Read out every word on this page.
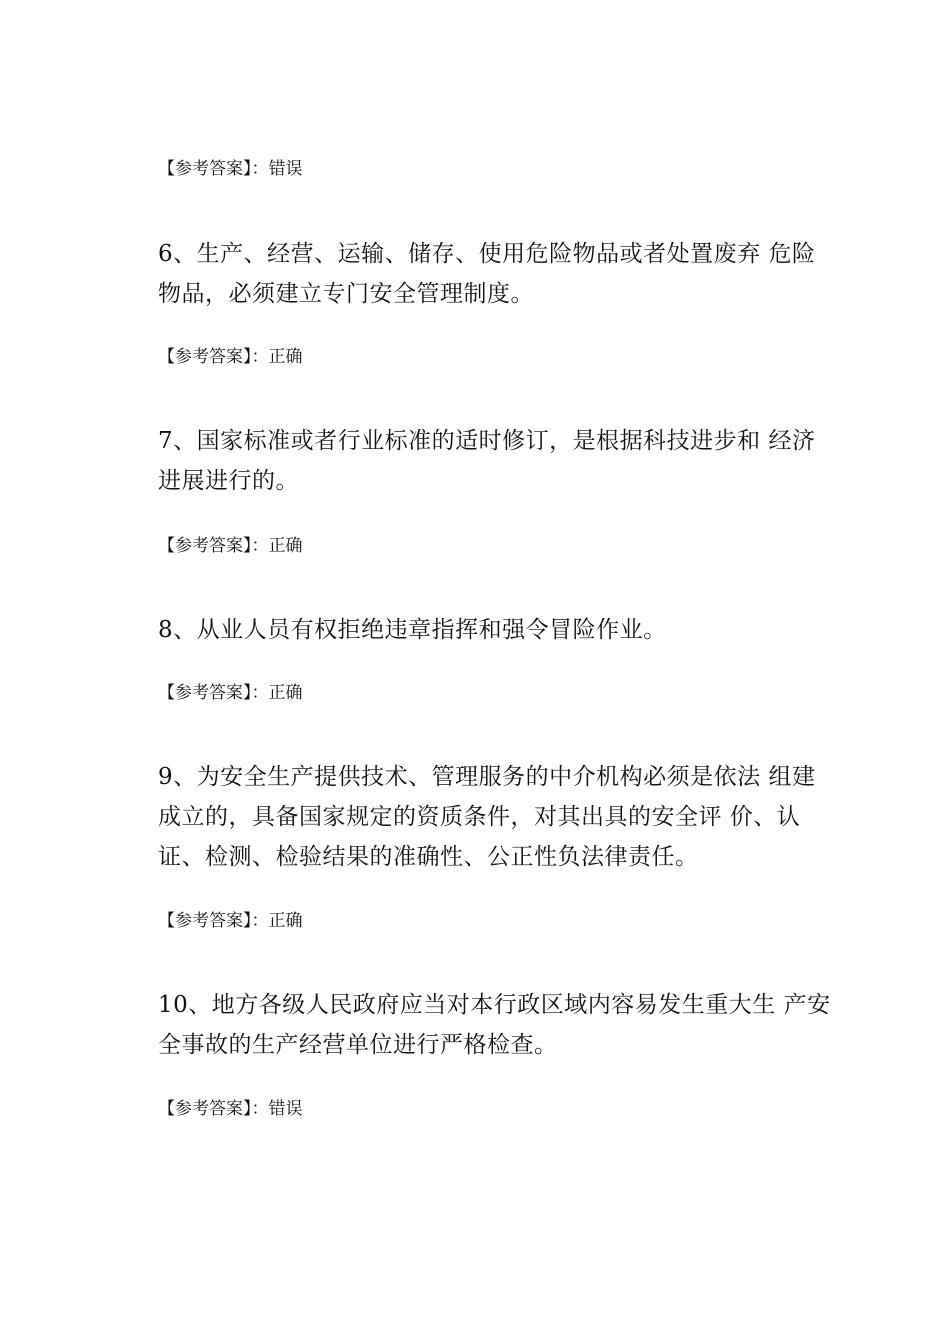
【参考答案】：错误
6、生产、经营、运输、储存、使用危险物品或者处置废弃 危险
物品，必须建立专门安全管理制度。
【参考答案】：正确
7、国家标准或者行业标准的适时修订，是根据科技进步和 经济
进展进行的。
【参考答案】：正确
8、从业人员有权拒绝违章指挥和强令冒险作业。
【参考答案】：正确
9、为安全生产提供技术、管理服务的中介机构必须是依法 组建
成立的，具备国家规定的资质条件，对其出具的安全评 价、认
证、检测、检验结果的准确性、公正性负法律责任。
【参考答案】：正确
10、地方各级人民政府应当对本行政区域内容易发生重大生 产安
全事故的生产经营单位进行严格检查。
【参考答案】：错误
